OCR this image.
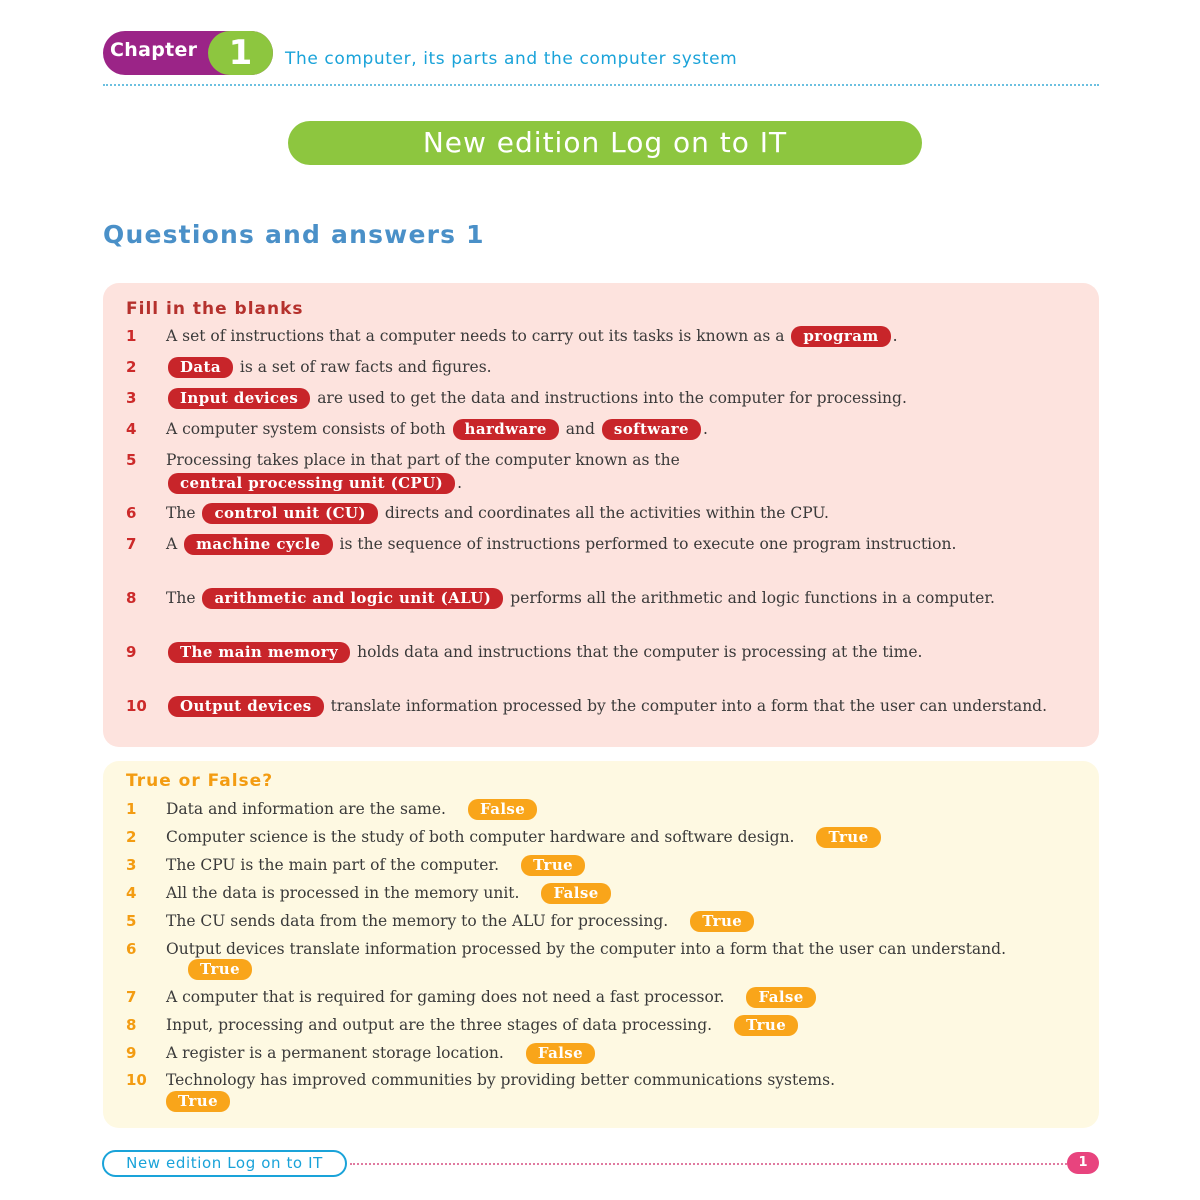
Chapter 1	The computer, its parts and the computer system
New edition Log on to IT
Questions and answers 1
Fill in the blanks
1 A set of instructions that a computer needs to carry out its tasks is known as a program .
2	Data is a set of raw facts and figures.
3	Input devices are used to get the data and instructions into the computer for processing.
4 A computer system consists of both hardware and software .
5 Processing takes place in that part of the computer known as the
central processing unit (CPU) .
6 The control unit (CU) directs and coordinates all the activities within the CPU.
7 A machine cycle is the sequence of instructions performed to execute one program instruction.
8 The arithmetic and logic unit (ALU) performs all the arithmetic and logic functions in a computer.
9	The main memory holds data and instructions that the computer is processing at the time.
10	Output devices translate information processed by the computer into a form that the user can understand.
True or False?
1 Data and information are the same. False
2 Computer science is the study of both computer hardware and software design. True
3 The CPU is the main part of the computer. True
4 All the data is processed in the memory unit. False
5 The CU sends data from the memory to the ALU for processing. True
6 Output devices translate information processed by the computer into a form that the user can understand.True
7 A computer that is required for gaming does not need a fast processor. False
8 Input, processing and output are the three stages of data processing. True
9 A register is a permanent storage location. False
10 Technology has improved communities by providing better communications systems.
True
New edition Log on to IT	1
